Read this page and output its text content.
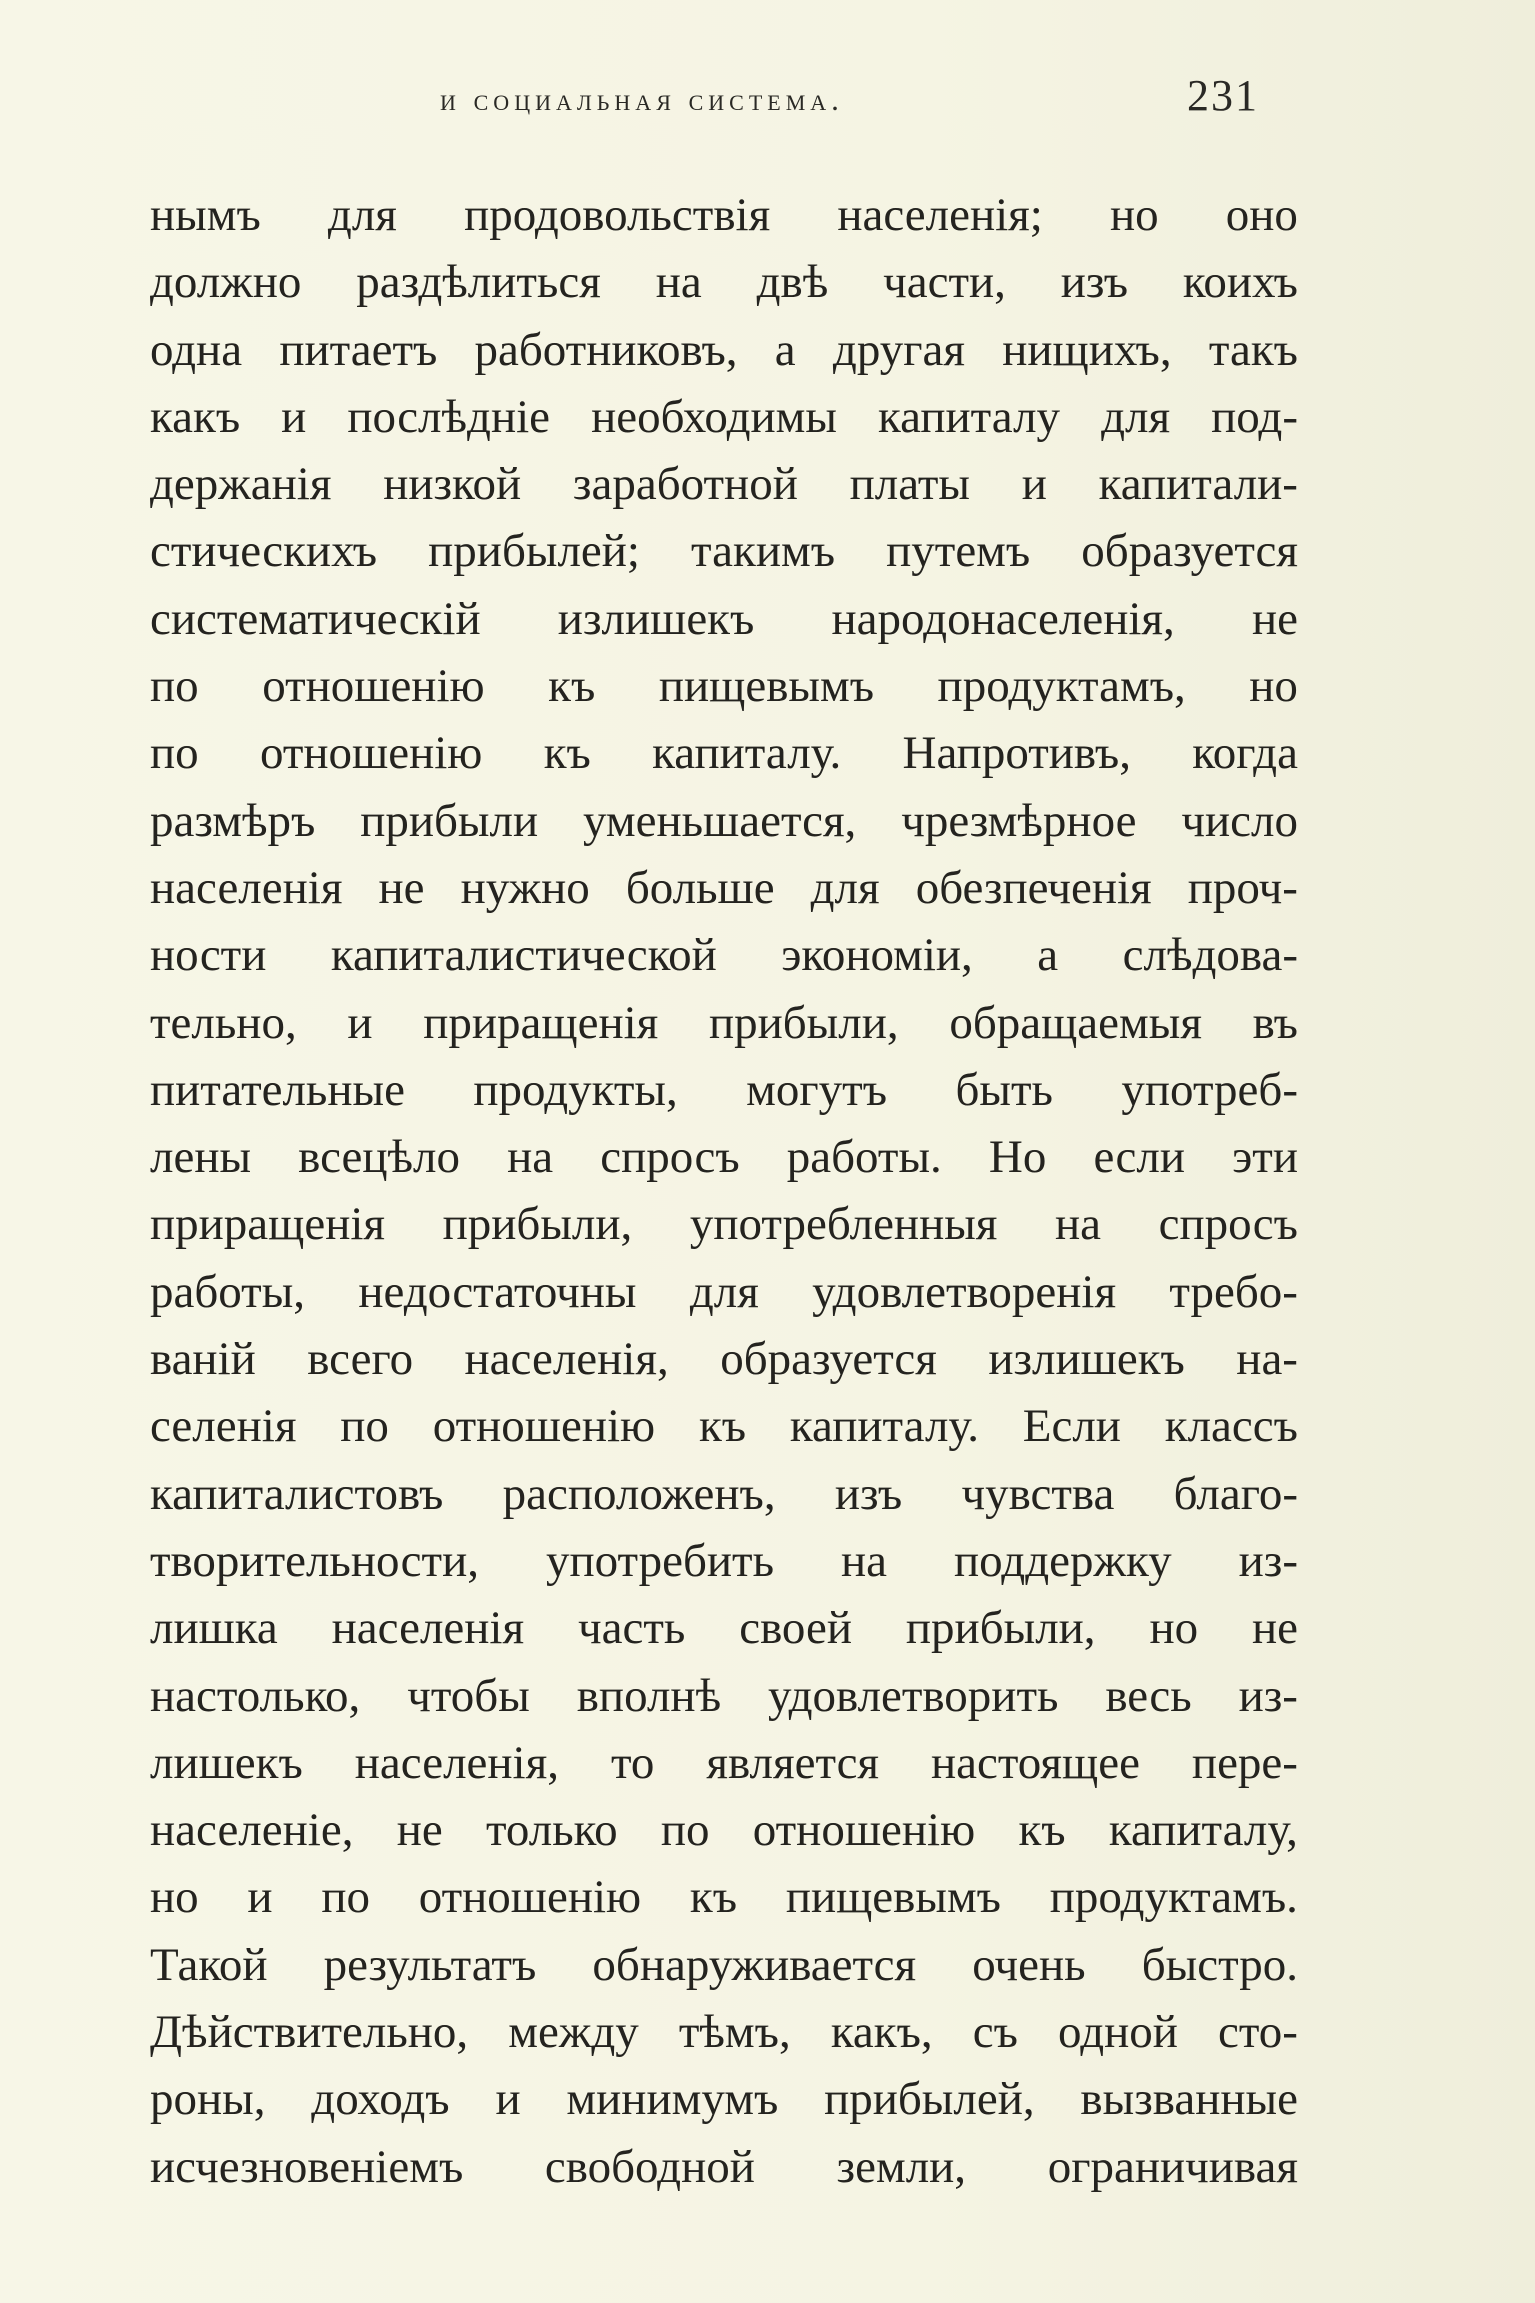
и социальная система.	231
нымъ для продовольствія населенія; но оно
должно раздѣлиться на двѣ части, изъ коихъ
одна питаетъ работниковъ, а другая нищихъ, такъ
какъ и послѣдніе необходимы капиталу для под-
держанія низкой заработной платы и капитали-
стическихъ прибылей; такимъ путемъ образуется
систематическій излишекъ народонаселенія, не
по отношенію къ пищевымъ продуктамъ, но
по отношенію къ капиталу. Напротивъ, когда
размѣръ прибыли уменьшается, чрезмѣрное число
населенія не нужно больше для обезпеченія проч-
ности капиталистической экономіи, а слѣдова-
тельно, и приращенія прибыли, обращаемыя въ
питательные продукты, могутъ быть употреб-
лены всецѣло на спросъ работы. Но если эти
приращенія прибыли, употребленныя на спросъ
работы, недостаточны для удовлетворенія требо-
ваній всего населенія, образуется излишекъ на-
селенія по отношенію къ капиталу. Если классъ
капиталистовъ расположенъ, изъ чувства благо-
творительности, употребить на поддержку из-
лишка населенія часть своей прибыли, но не
настолько, чтобы вполнѣ удовлетворить весь из-
лишекъ населенія, то является настоящее пере-
населеніе, не только по отношенію къ капиталу,
но и по отношенію къ пищевымъ продуктамъ.
Такой результатъ обнаруживается очень быстро.
Дѣйствительно, между тѣмъ, какъ, съ одной сто-
роны, доходъ и минимумъ прибылей, вызванные
исчезновеніемъ свободной земли, ограничивая
